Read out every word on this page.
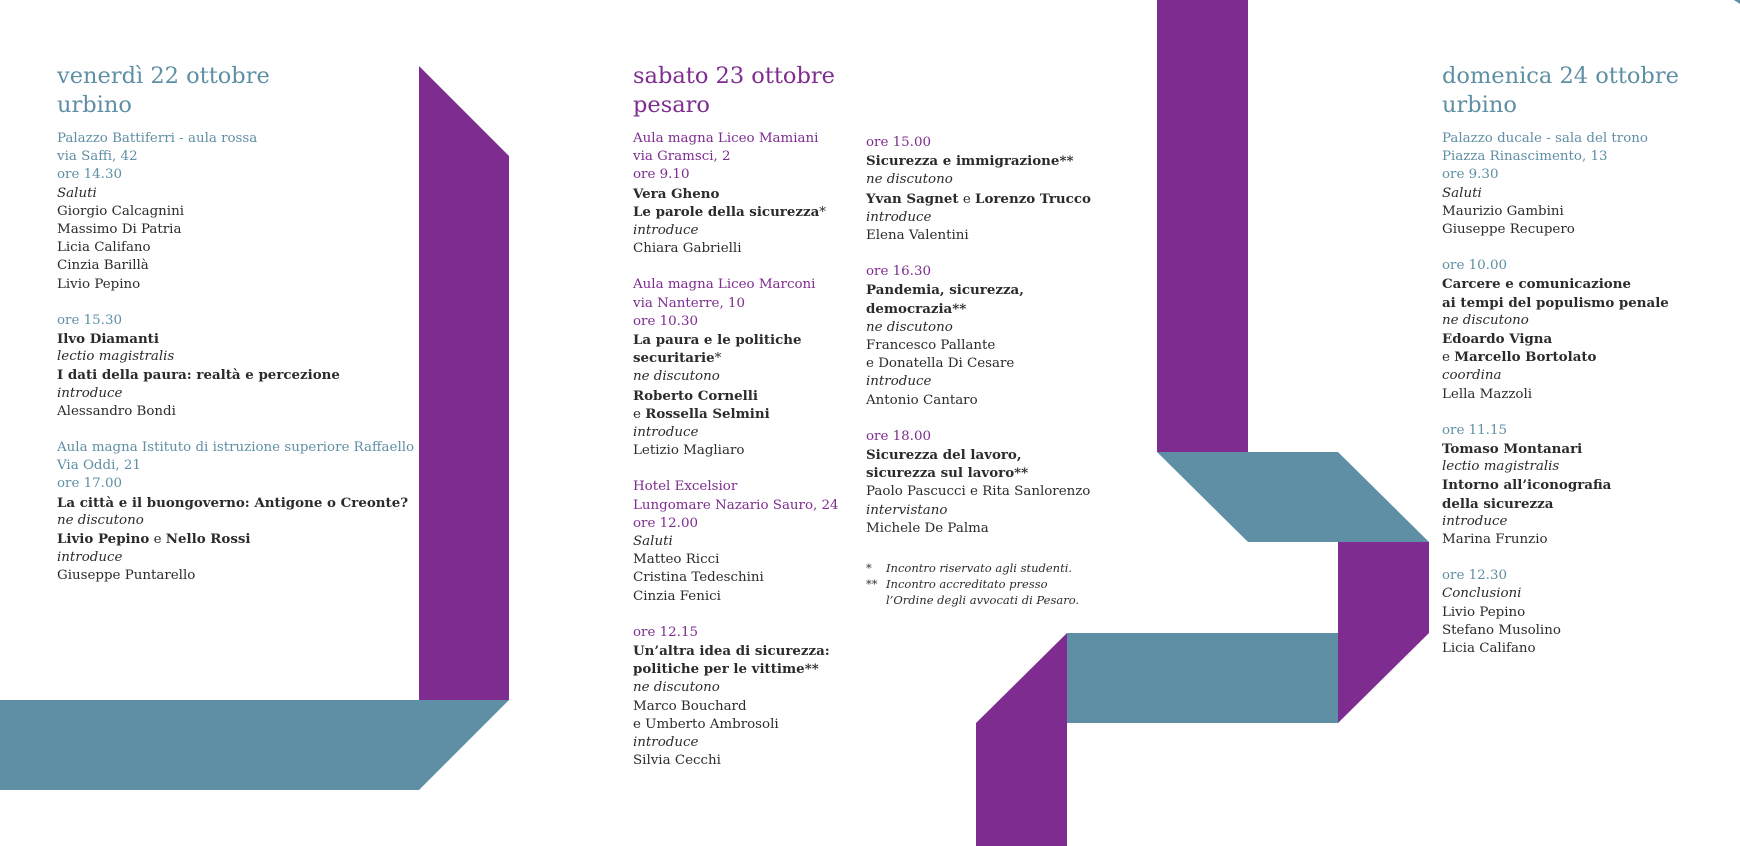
venerdì 22 ottobre
urbino
Palazzo Battiferri - aula rossa
via Saffi, 42
ore 14.30
Saluti
Giorgio Calcagnini
Massimo Di Patria
Licia Califano
Cinzia Barillà
Livio Pepino
ore 15.30
Ilvo Diamanti
lectio magistralis
I dati della paura: realtà e percezione
introduce
Alessandro Bondi
Aula magna Istituto di istruzione superiore Raffaello
Via Oddi, 21
ore 17.00
La città e il buongoverno: Antigone o Creonte?
ne discutono
Livio Pepino e Nello Rossi
introduce
Giuseppe Puntarello
sabato 23 ottobre
pesaro
Aula magna Liceo Mamiani
via Gramsci, 2
ore 9.10
Vera Gheno
Le parole della sicurezza*
introduce
Chiara Gabrielli
Aula magna Liceo Marconi
via Nanterre, 10
ore 10.30
La paura e le politiche
securitarie*
ne discutono
Roberto Cornelli
e Rossella Selmini
introduce
Letizio Magliaro
Hotel Excelsior
Lungomare Nazario Sauro, 24
ore 12.00
Saluti
Matteo Ricci
Cristina Tedeschini
Cinzia Fenici
ore 12.15
Un’altra idea di sicurezza:
politiche per le vittime**
ne discutono
Marco Bouchard
e Umberto Ambrosoli
introduce
Silvia Cecchi
ore 15.00
Sicurezza e immigrazione**
ne discutono
Yvan Sagnet e Lorenzo Trucco
introduce
Elena Valentini
ore 16.30
Pandemia, sicurezza,
democrazia**
ne discutono
Francesco Pallante
e Donatella Di Cesare
introduce
Antonio Cantaro
ore 18.00
Sicurezza del lavoro,
sicurezza sul lavoro**
Paolo Pascucci e Rita Sanlorenzo
intervistano
Michele De Palma
*	Incontro riservato agli studenti.
** Incontro accreditato presso
l’Ordine degli avvocati di Pesaro.
domenica 24 ottobre
urbino
Palazzo ducale - sala del trono
Piazza Rinascimento, 13
ore 9.30
Saluti
Maurizio Gambini
Giuseppe Recupero
ore 10.00
Carcere e comunicazione
ai tempi del populismo penale
ne discutono
Edoardo Vigna
e Marcello Bortolato
coordina
Lella Mazzoli
ore 11.15
Tomaso Montanari
lectio magistralis
Intorno all’iconografia
della sicurezza
introduce
Marina Frunzio
ore 12.30
Conclusioni
Livio Pepino
Stefano Musolino
Licia Califano
